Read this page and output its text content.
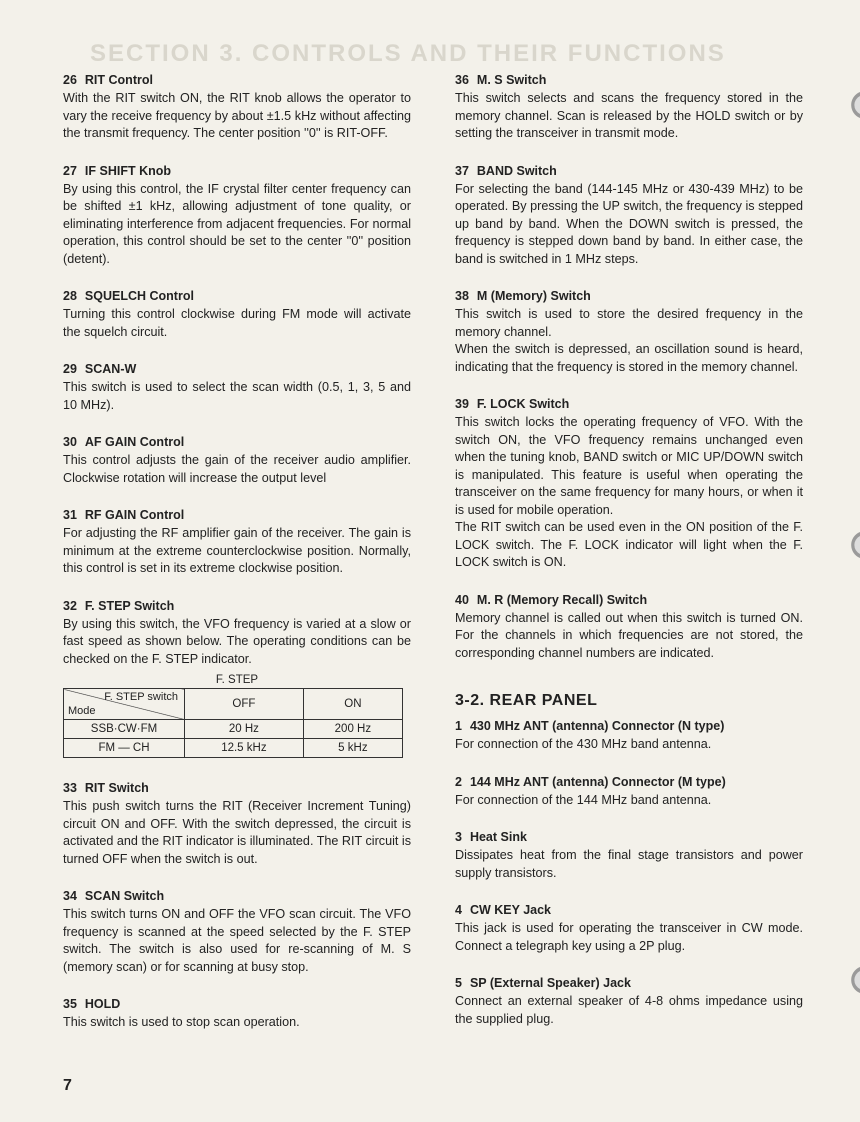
SECTION 3. CONTROLS AND THEIR FUNCTIONS
26 RIT Control

With the RIT switch ON, the RIT knob allows the operator to vary the receive frequency by about ±1.5 kHz without affecting the transmit frequency. The center position ''0'' is RIT-OFF.

27 IF SHIFT Knob

By using this control, the IF crystal filter center frequency can be shifted ±1 kHz, allowing adjustment of tone quality, or eliminating interference from adjacent frequencies. For normal operation, this control should be set to the center ''0'' position (detent).

28 SQUELCH Control

Turning this control clockwise during FM mode will activate the squelch circuit.

29 SCAN-W

This switch is used to select the scan width (0.5, 1, 3, 5 and 10 MHz).

30 AF GAIN Control

This control adjusts the gain of the receiver audio amplifier. Clockwise rotation will increase the output level

31 RF GAIN Control

For adjusting the RF amplifier gain of the receiver. The gain is minimum at the extreme counterclockwise position. Normally, this control is set in its extreme clockwise position.

32 F. STEP Switch

By using this switch, the VFO frequency is varied at a slow or fast speed as shown below. The operating conditions can be checked on the F. STEP indicator.

F. STEP
F. STEP switch
Mode	OFF	ON
SSB·CW·FM	20 Hz	200 Hz
FM — CH	12.5 kHz	5 kHz
33 RIT Switch

This push switch turns the RIT (Receiver Increment Tuning) circuit ON and OFF. With the switch depressed, the circuit is activated and the RIT indicator is illuminated. The RIT circuit is turned OFF when the switch is out.

34 SCAN Switch

This switch turns ON and OFF the VFO scan circuit. The VFO frequency is scanned at the speed selected by the F. STEP switch. The switch is also used for re-scanning of M. S (memory scan) or for scanning at busy stop.

35 HOLD

This switch is used to stop scan operation.

36 M. S Switch

This switch selects and scans the frequency stored in the memory channel. Scan is released by the HOLD switch or by setting the transceiver in transmit mode.

37 BAND Switch

For selecting the band (144-145 MHz or 430-439 MHz) to be operated. By pressing the UP switch, the frequency is stepped up band by band. When the DOWN switch is pressed, the frequency is stepped down band by band. In either case, the band is switched in 1 MHz steps.

38 M (Memory) Switch

This switch is used to store the desired frequency in the memory channel.

When the switch is depressed, an oscillation sound is heard, indicating that the frequency is stored in the memory channel.

39 F. LOCK Switch

This switch locks the operating frequency of VFO. With the switch ON, the VFO frequency remains unchanged even when the tuning knob, BAND switch or MIC UP/DOWN switch is manipulated. This feature is useful when operating the transceiver on the same frequency for many hours, or when it is used for mobile operation.

The RIT switch can be used even in the ON position of the F. LOCK switch. The F. LOCK indicator will light when the F. LOCK switch is ON.

40 M. R (Memory Recall) Switch

Memory channel is called out when this switch is turned ON. For the channels in which frequencies are not stored, the corresponding channel numbers are indicated.

3-2. REAR PANEL
1 430 MHz ANT (antenna) Connector (N type)

For connection of the 430 MHz band antenna.

2 144 MHz ANT (antenna) Connector (M type)

For connection of the 144 MHz band antenna.

3 Heat Sink

Dissipates heat from the final stage transistors and power supply transistors.

4 CW KEY Jack

This jack is used for operating the transceiver in CW mode. Connect a telegraph key using a 2P plug.

5 SP (External Speaker) Jack

Connect an external speaker of 4-8 ohms impedance using the supplied plug.

7
